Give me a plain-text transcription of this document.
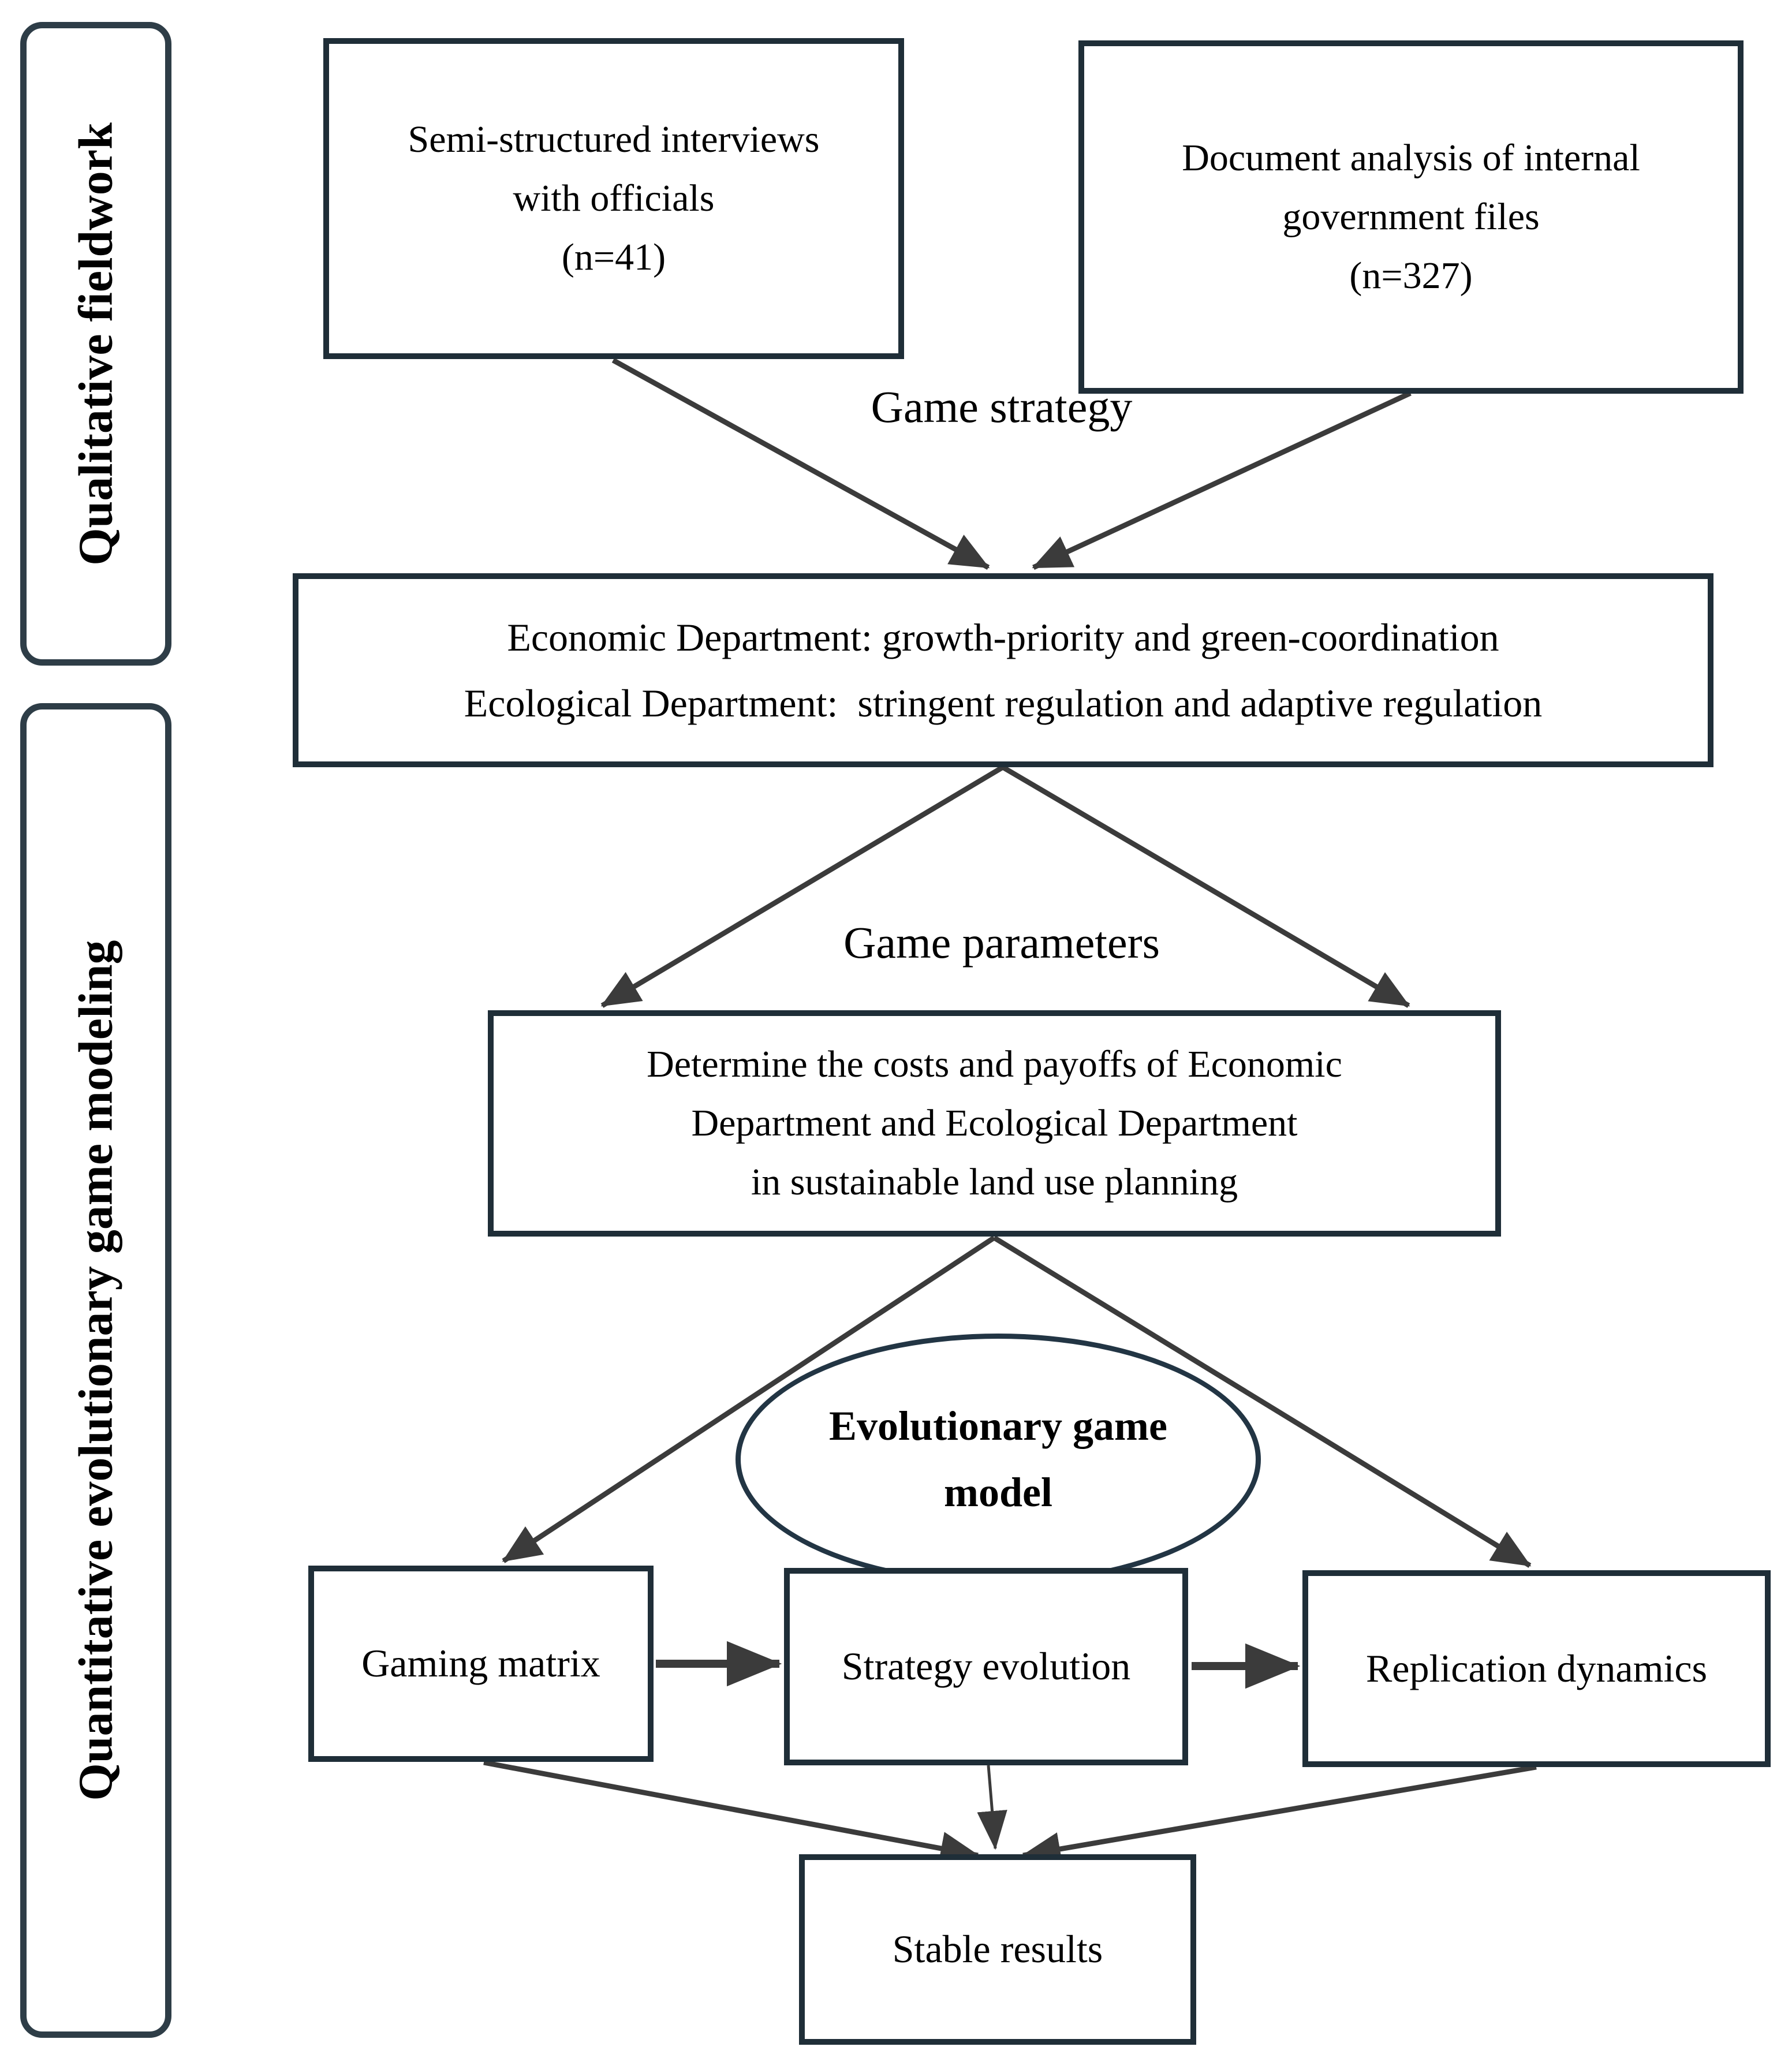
Qualitative fieldwork
Quantitative evolutionary game modeling
Semi-structured interviews
with officials
(n=41)
Document analysis of internal
government files
(n=327)
Game strategy
Economic Department: growth-priority and green-coordination
Ecological Department:  stringent regulation and adaptive regulation
Game parameters
Determine the costs and payoffs of Economic
Department and Ecological Department
in sustainable land use planning
Evolutionary game
model
Gaming matrix	Strategy evolution	Replication dynamics
Stable results
